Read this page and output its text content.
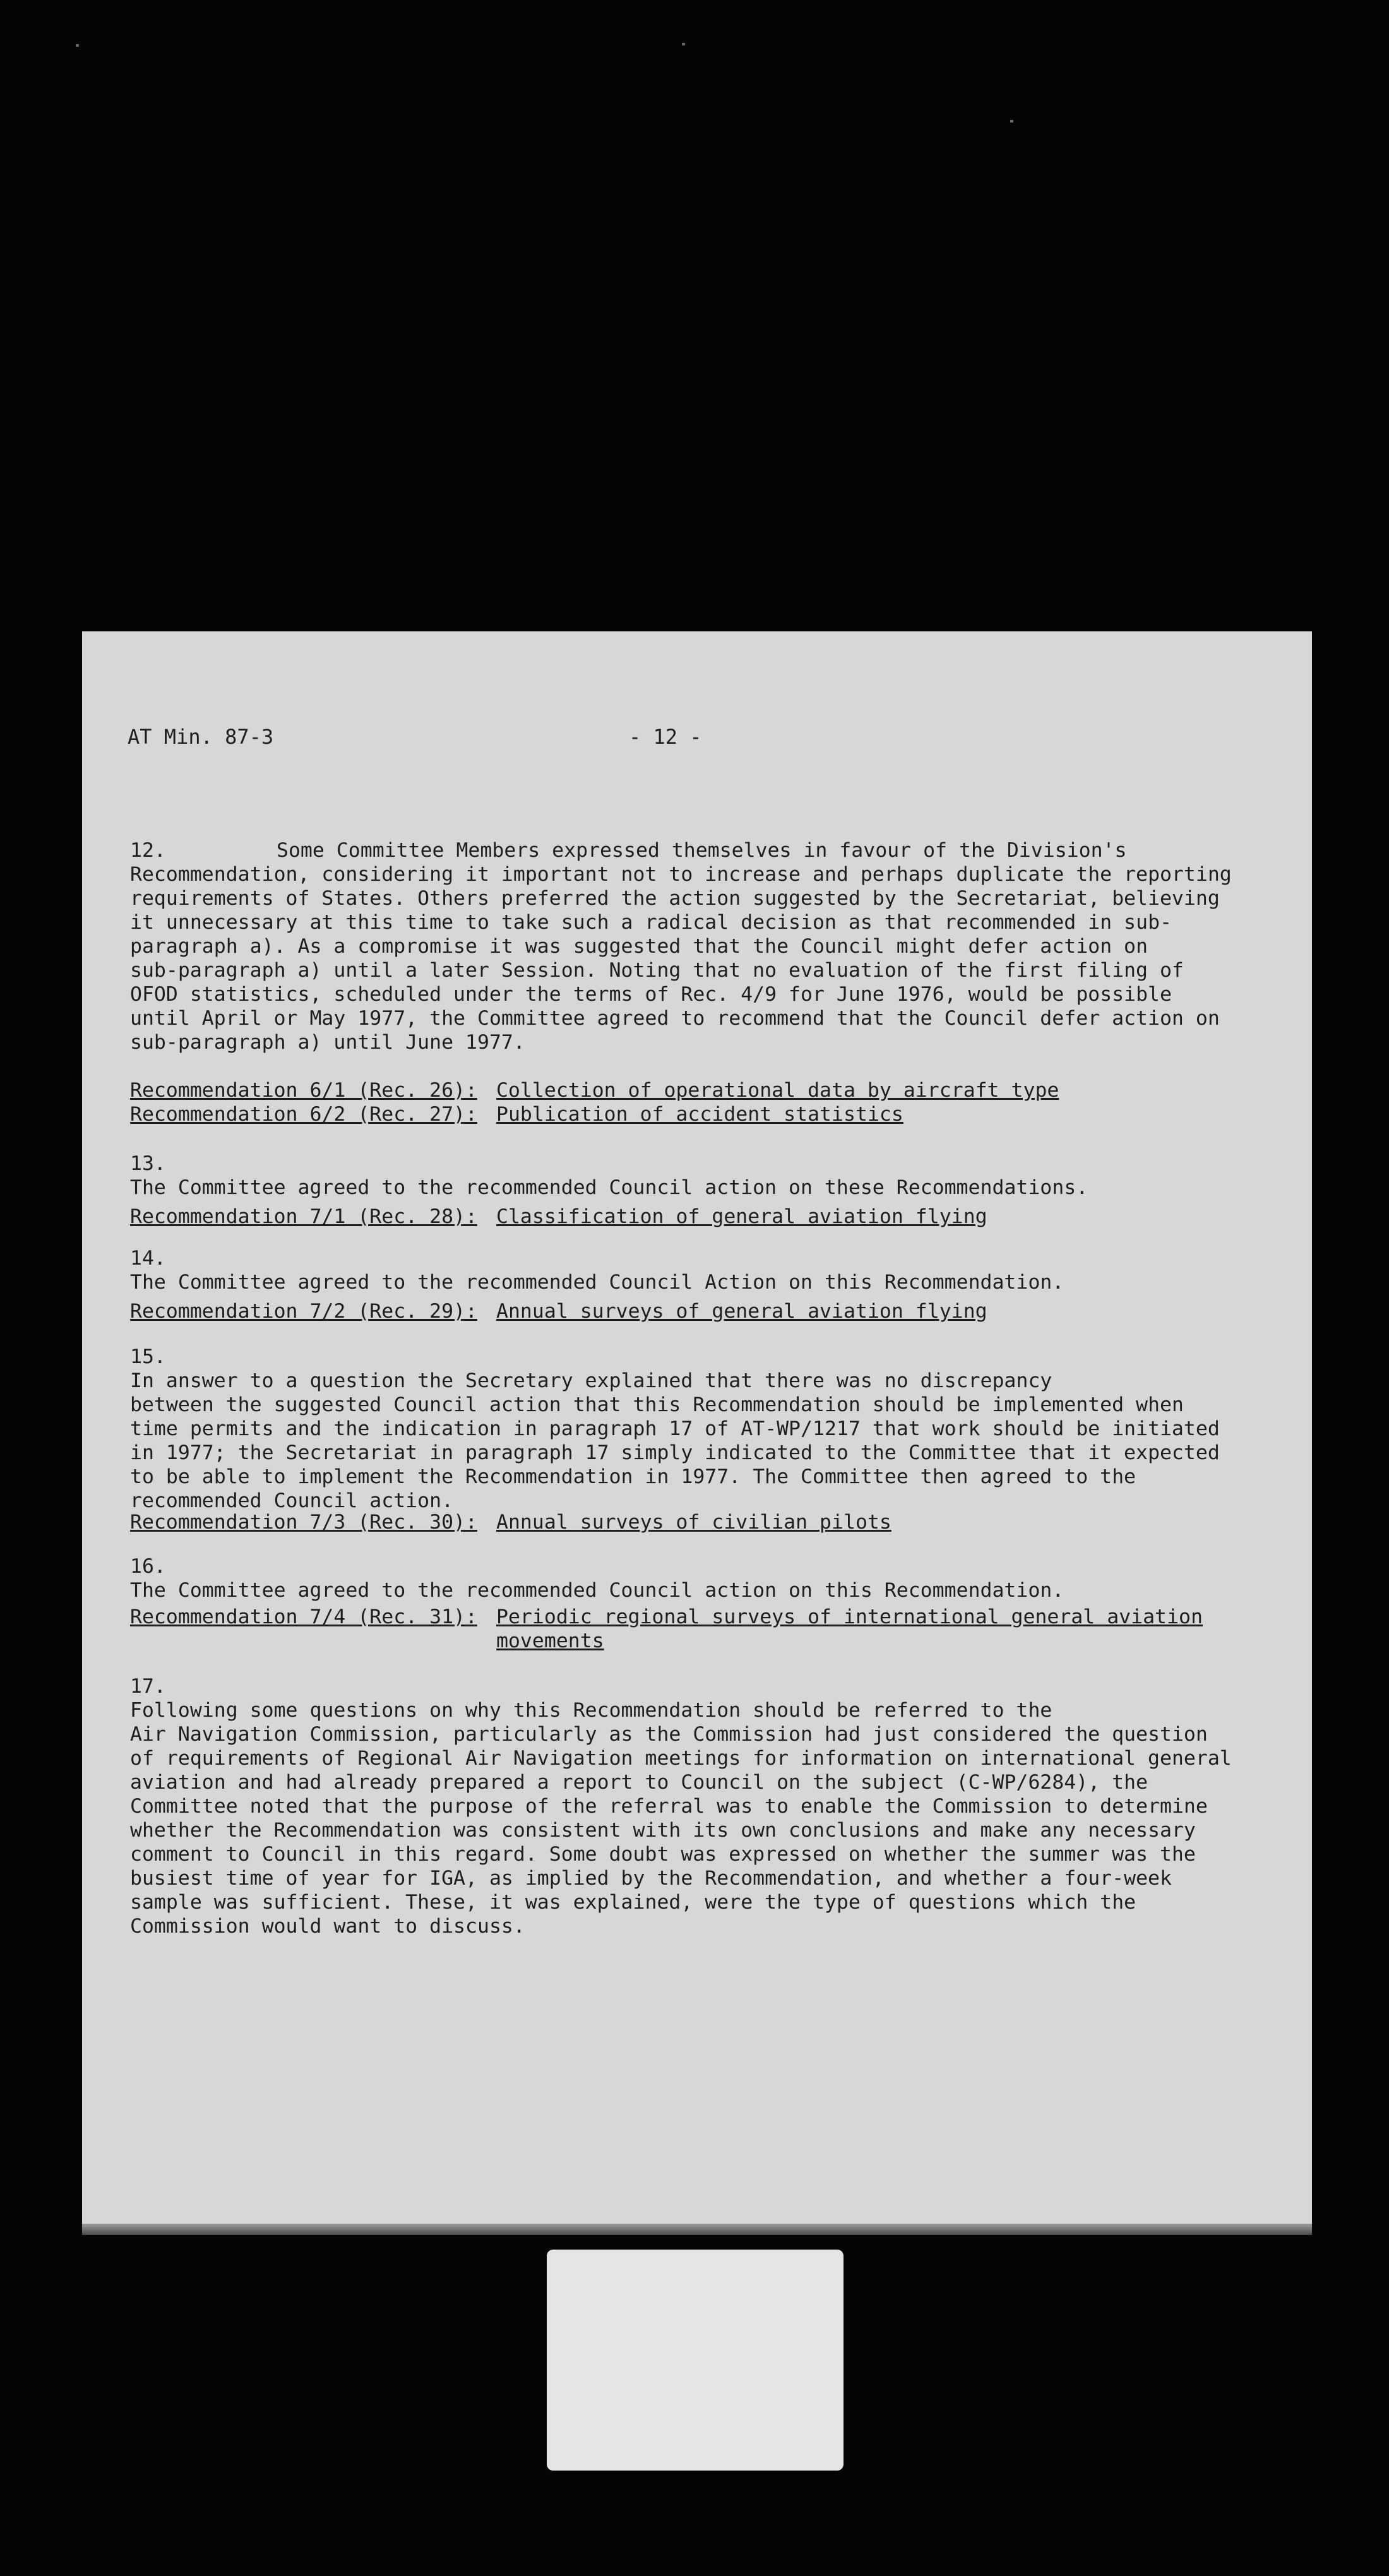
AT Min. 87-3	- 12 -
12.	Some Committee Members expressed themselves in favour of the Division's
Recommendation, considering it important not to increase and perhaps duplicate the reporting
requirements of States. Others preferred the action suggested by the Secretariat, believing
it unnecessary at this time to take such a radical decision as that recommended in sub-
paragraph a). As a compromise it was suggested that the Council might defer action on
sub-paragraph a) until a later Session. Noting that no evaluation of the first filing of
OFOD statistics, scheduled under the terms of Rec. 4/9 for June 1976, would be possible
until April or May 1977, the Committee agreed to recommend that the Council defer action on
sub-paragraph a) until June 1977.
Recommendation 6/1 (Rec. 26): Collection of operational data by aircraft type
Recommendation 6/2 (Rec. 27): Publication of accident statistics
13.
The Committee agreed to the recommended Council action on these Recommendations.
Recommendation 7/1 (Rec. 28): Classification of general aviation flying
14.
The Committee agreed to the recommended Council Action on this Recommendation.
Recommendation 7/2 (Rec. 29): Annual surveys of general aviation flying
15.
In answer to a question the Secretary explained that there was no discrepancy
between the suggested Council action that this Recommendation should be implemented when
time permits and the indication in paragraph 17 of AT-WP/1217 that work should be initiated
in 1977; the Secretariat in paragraph 17 simply indicated to the Committee that it expected
to be able to implement the Recommendation in 1977. The Committee then agreed to the
recommended Council action.
Recommendation 7/3 (Rec. 30): Annual surveys of civilian pilots
16.
The Committee agreed to the recommended Council action on this Recommendation.
Recommendation 7/4 (Rec. 31): Periodic regional surveys of international general aviation movements
17.
Following some questions on why this Recommendation should be referred to the
Air Navigation Commission, particularly as the Commission had just considered the question
of requirements of Regional Air Navigation meetings for information on international general
aviation and had already prepared a report to Council on the subject (C-WP/6284), the
Committee noted that the purpose of the referral was to enable the Commission to determine
whether the Recommendation was consistent with its own conclusions and make any necessary
comment to Council in this regard. Some doubt was expressed on whether the summer was the
busiest time of year for IGA, as implied by the Recommendation, and whether a four-week
sample was sufficient. These, it was explained, were the type of questions which the
Commission would want to discuss.
